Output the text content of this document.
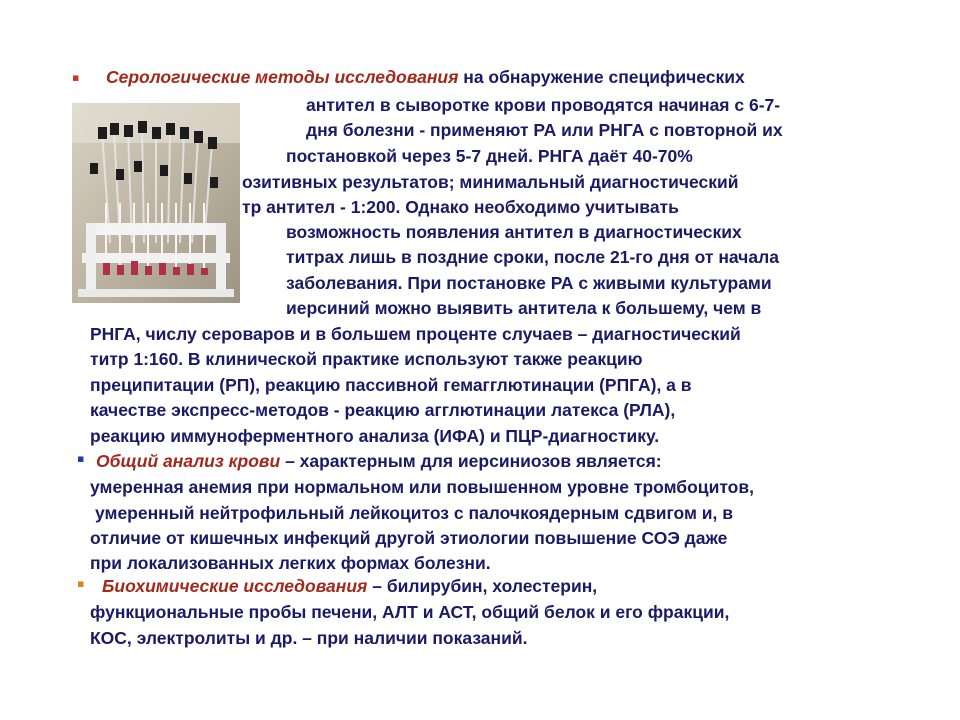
▪
▪
▪
Серологические методы исследования на обнаружение специфических
антител в сыворотке крови проводятся начиная с 6-7-
дня болезни - применяют РА или РНГА с повторной их
постановкой через 5-7 дней. РНГА даёт 40-70%
озитивных результатов; минимальный диагностический
тр антител - 1:200. Однако необходимо учитывать
возможность появления антител в диагностических
титрах лишь в поздние сроки, после 21-го дня от начала
заболевания. При постановке РА с живыми культурами
иерсиний можно выявить антитела к большему, чем в
РНГА, числу сероваров и в большем проценте случаев – диагностический
титр 1:160. В клинической практике используют также реакцию
преципитации (РП), реакцию пассивной гемагглютинации (РПГА), а в
качестве экспресс-методов - реакцию агглютинации латекса (РЛА),
реакцию иммуноферментного анализа (ИФА) и ПЦР-диагностику.
Общий анализ крови – характерным для иерсиниозов является:
умеренная анемия при нормальном или повышенном уровне тромбоцитов,
умеренный нейтрофильный лейкоцитоз с палочкоядерным сдвигом и, в
отличие от кишечных инфекций другой этиологии повышение СОЭ даже
при локализованных легких формах болезни.
Биохимические исследования – билирубин, холестерин,
функциональные пробы печени, АЛТ и АСТ, общий белок и его фракции,
КОС, электролиты и др. – при наличии показаний.
